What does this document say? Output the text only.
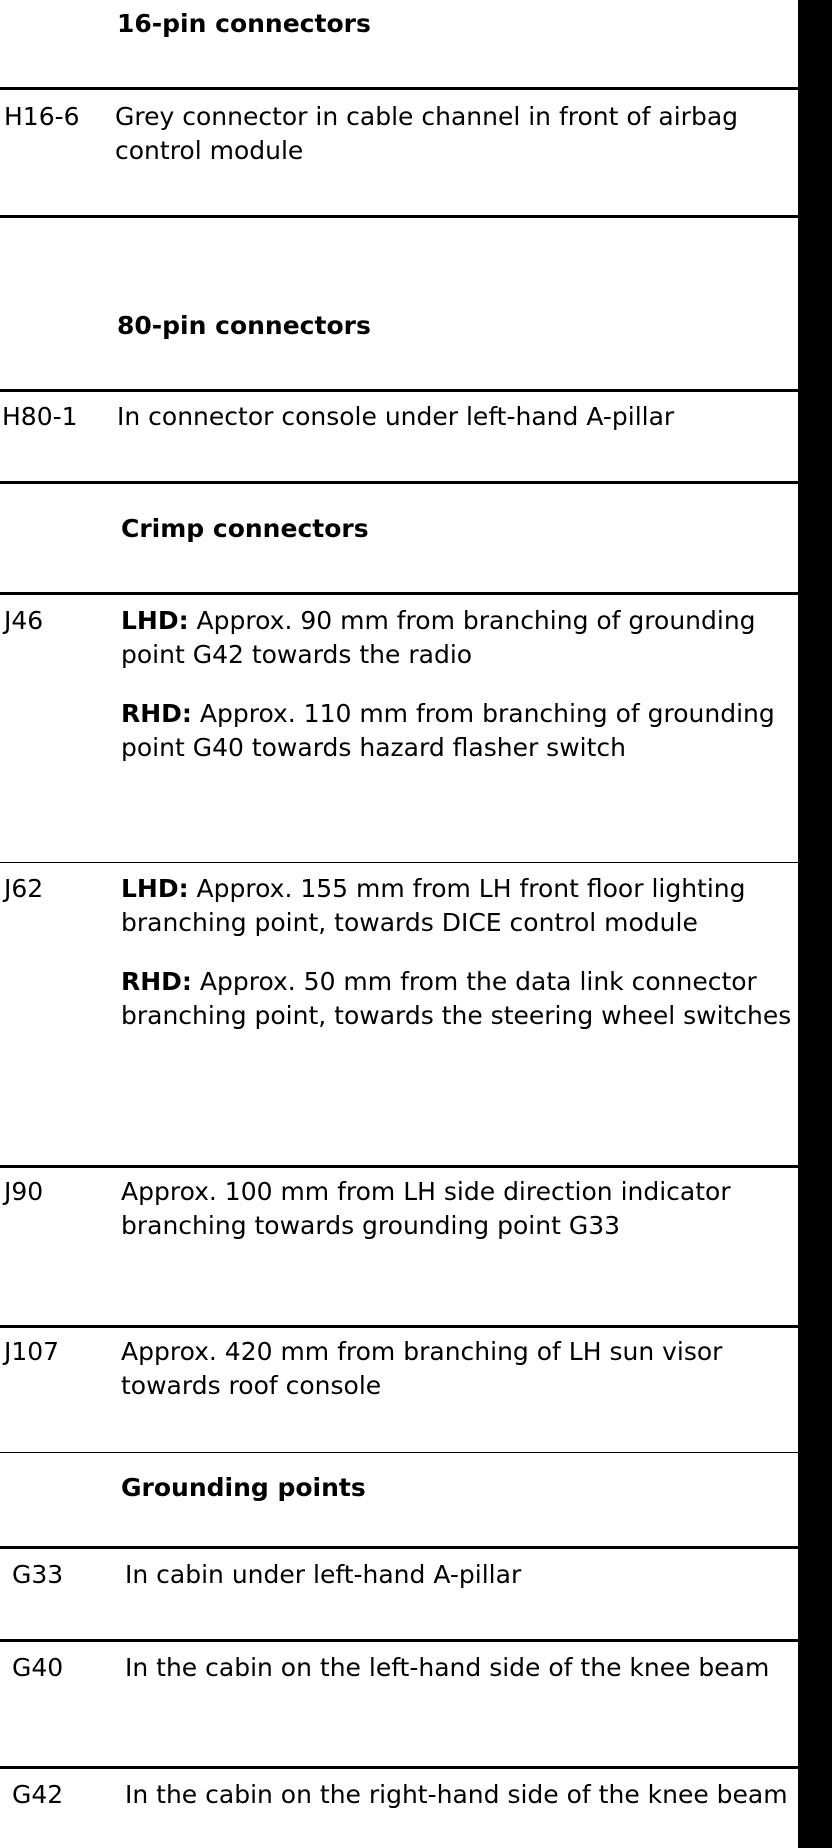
16-pin connectors
H16-6 Grey connector in cable channel in front of airbag control module
80-pin connectors
H80-1 In connector console under left-hand A-pillar
Crimp connectors
J46	LHD: Approx. 90 mm from branching of grounding point G42 towards the radio

RHD: Approx. 110 mm from branching of grounding point G40 towards hazard flasher switch

J62	LHD: Approx. 155 mm from LH front floor lighting branching point, towards DICE control module

RHD: Approx. 50 mm from the data link connector branching point, towards the steering wheel switches

J90	Approx. 100 mm from LH side direction indicator branching towards grounding point G33
J107 Approx. 420 mm from branching of LH sun visor towards roof console
Grounding points
G33 In cabin under left-hand A-pillar
G40 In the cabin on the left-hand side of the knee beam
G42 In the cabin on the right-hand side of the knee beam
